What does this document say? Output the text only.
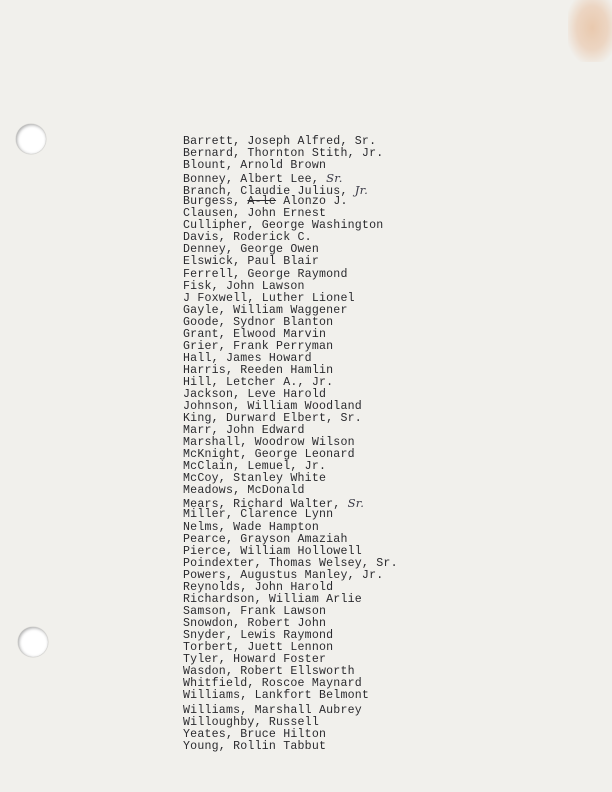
Barrett, Joseph Alfred, Sr.
Bernard, Thornton Stith, Jr.
Blount, Arnold Brown
Bonney, Albert Lee, Sr.
Branch, Claudie Julius, Jr.
Burgess, A-le Alonzo J.
Clausen, John Ernest
Cullipher, George Washington
Davis, Roderick C.
Denney, George Owen
Elswick, Paul Blair
Ferrell, George Raymond
Fisk, John Lawson
J Foxwell, Luther Lionel
Gayle, William Waggener
Goode, Sydnor Blanton
Grant, Elwood Marvin
Grier, Frank Perryman
Hall, James Howard
Harris, Reeden Hamlin
Hill, Letcher A., Jr.
Jackson, Leve Harold
Johnson, William Woodland
King, Durward Elbert, Sr.
Marr, John Edward
Marshall, Woodrow Wilson
McKnight, George Leonard
McClain, Lemuel, Jr.
McCoy, Stanley White
Meadows, McDonald
Mears, Richard Walter, Sr.
Miller, Clarence Lynn
Nelms, Wade Hampton
Pearce, Grayson Amaziah
Pierce, William Hollowell
Poindexter, Thomas Welsey, Sr.
Powers, Augustus Manley, Jr.
Reynolds, John Harold
Richardson, William Arlie
Samson, Frank Lawson
Snowdon, Robert John
Snyder, Lewis Raymond
Torbert, Juett Lennon
Tyler, Howard Foster
Wasdon, Robert Ellsworth
Whitfield, Roscoe Maynard
Williams, Lankfort Belmont
Williams, Marshall Aubrey
Willoughby, Russell
Yeates, Bruce Hilton
Young, Rollin Tabbut
